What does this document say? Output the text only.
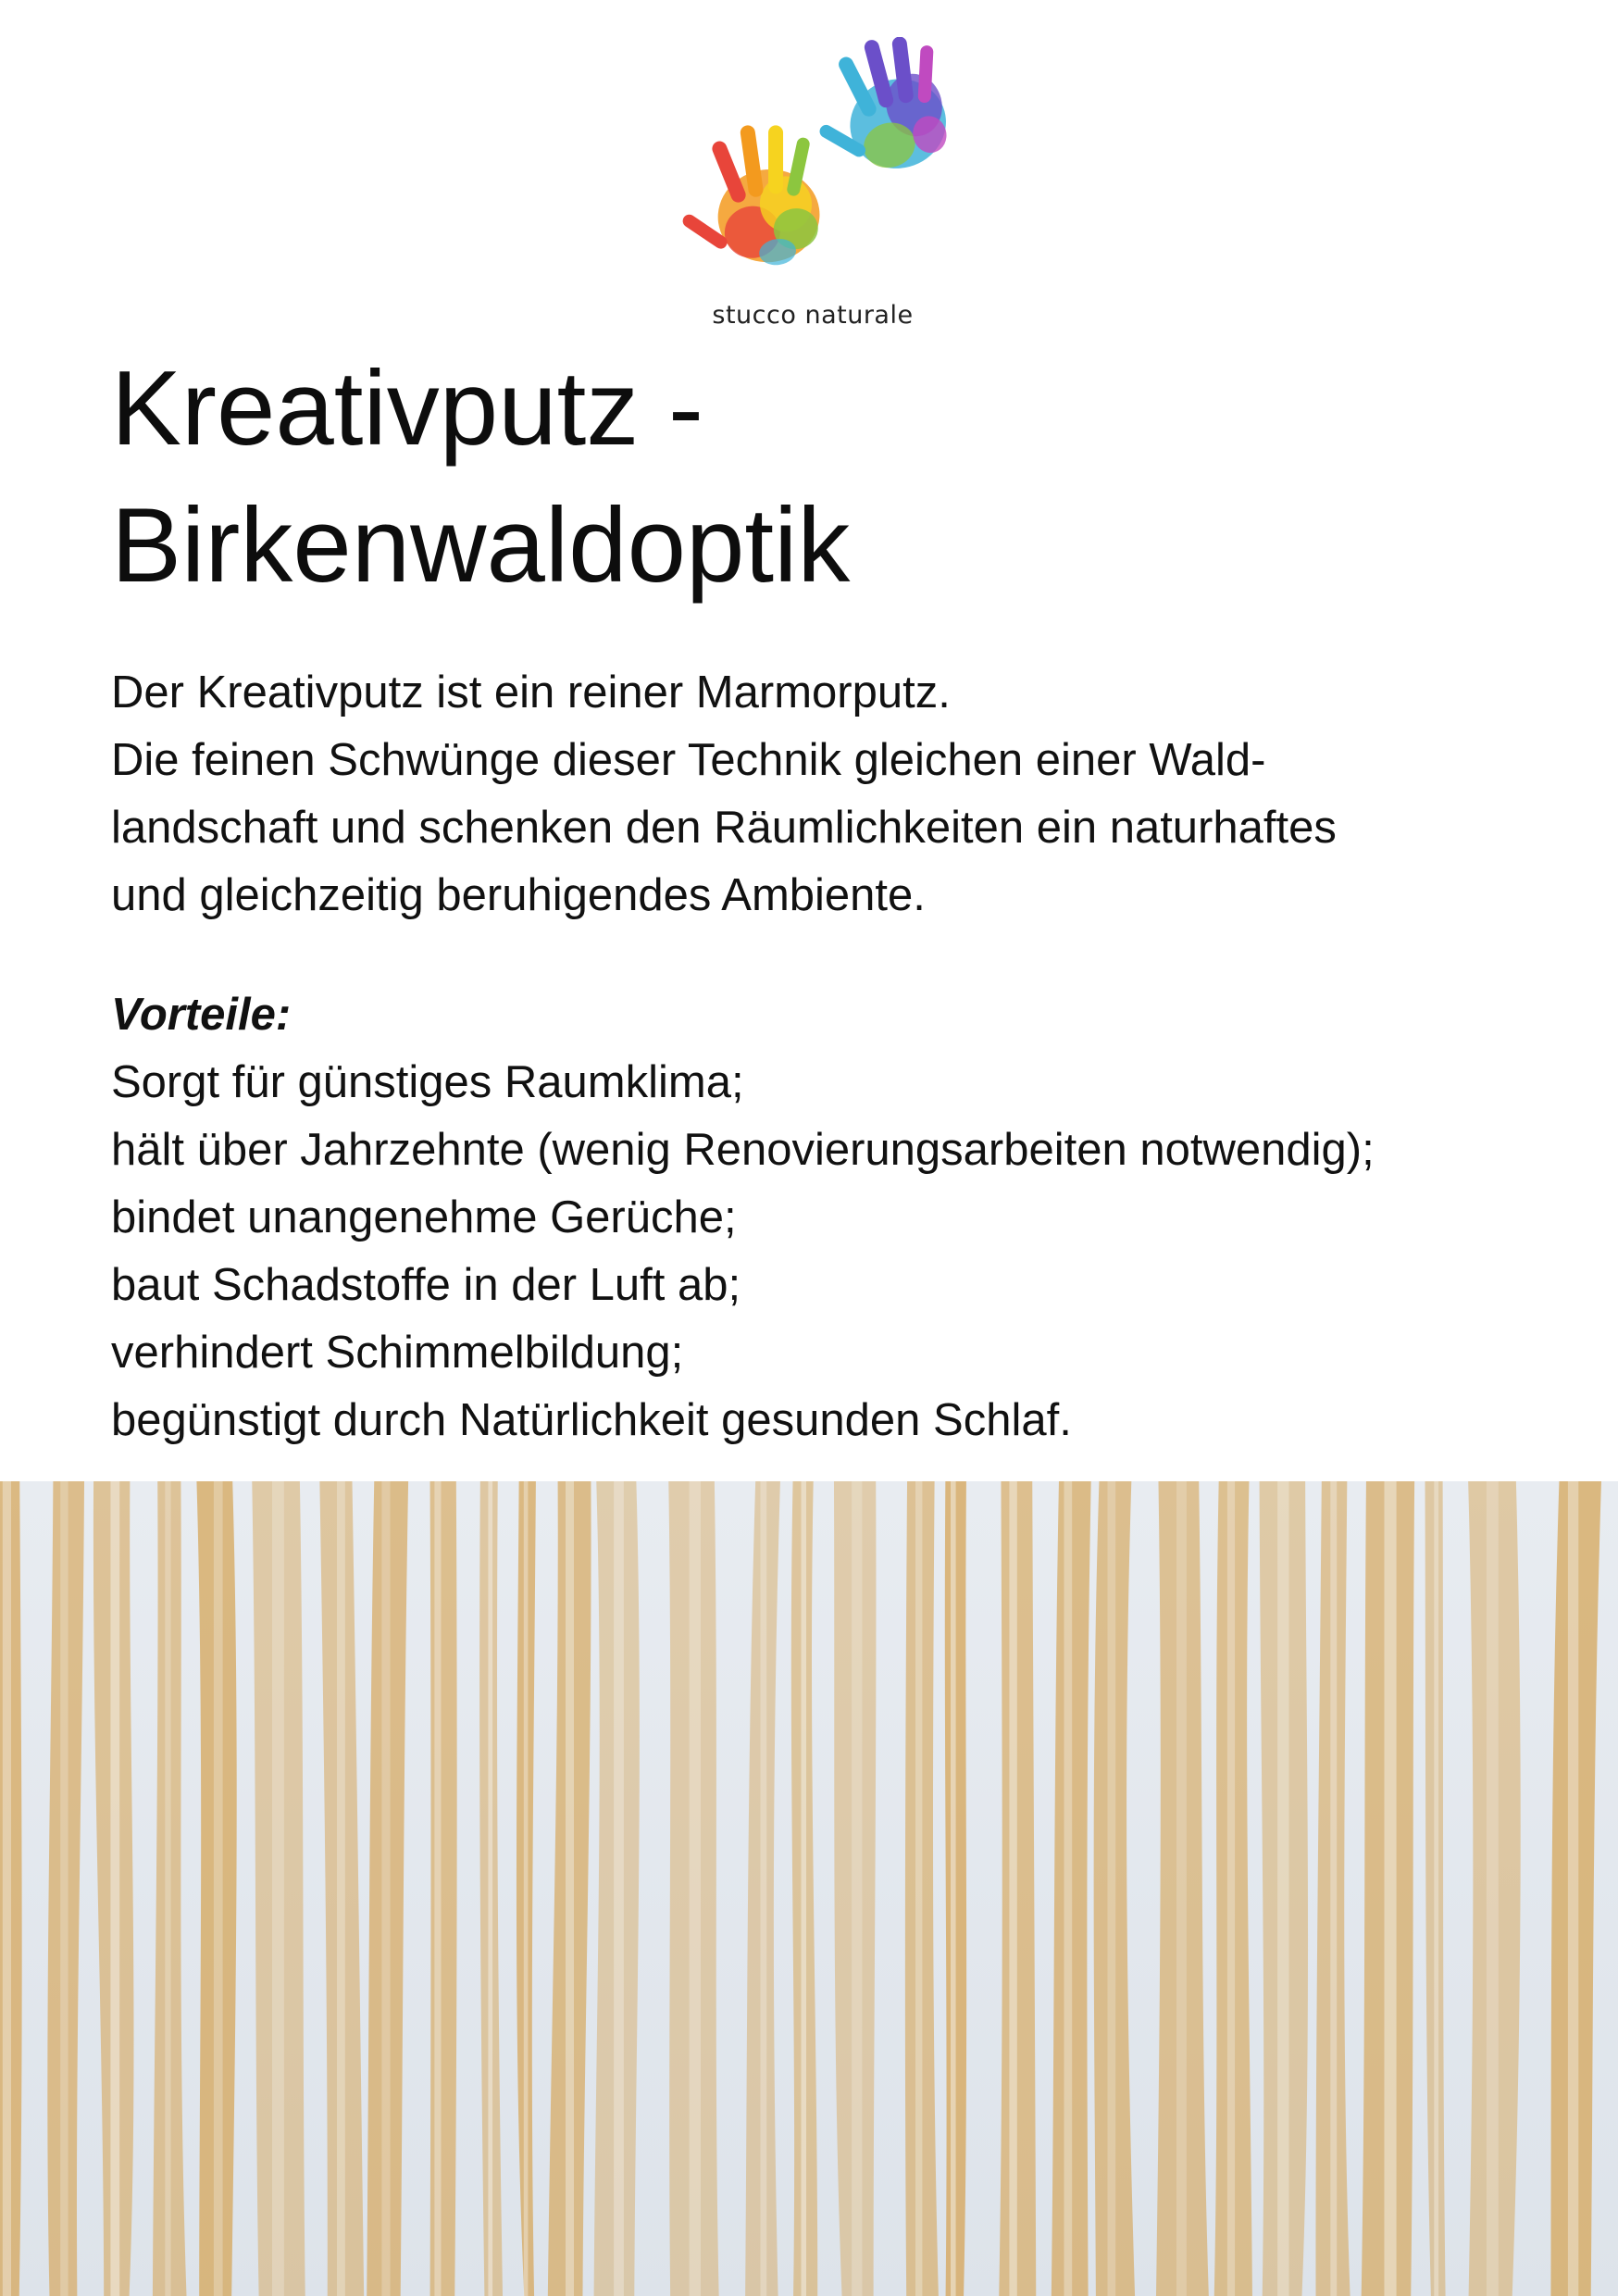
stucco naturale
Kreativputz -
Birkenwaldoptik

Der Kreativputz ist ein reiner Marmorputz.
Die feinen Schwünge dieser Technik gleichen einer Wald-
landschaft und schenken den Räumlichkeiten ein naturhaftes
und gleichzeitig beruhigendes Ambiente.

Vorteile:

Sorgt für günstiges Raumklima;
hält über Jahrzehnte (wenig Renovierungsarbeiten notwendig);
bindet unangenehme Gerüche;
baut Schadstoffe in der Luft ab;
verhindert Schimmelbildung;
begünstigt durch Natürlichkeit gesunden Schlaf.
